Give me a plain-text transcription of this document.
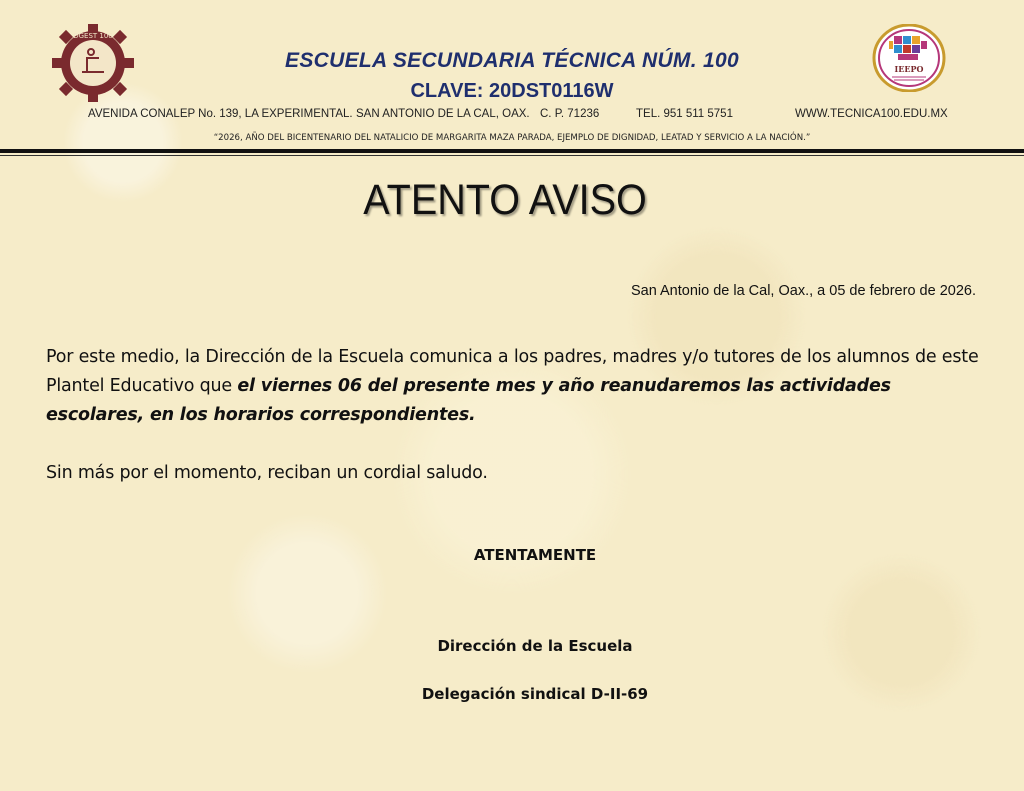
DGEST 100
IEEPO
ESCUELA SECUNDARIA TÉCNICA NÚM. 100
CLAVE: 20DST0116W
AVENIDA CONALEP No. 139, LA EXPERIMENTAL. SAN ANTONIO DE LA CAL, OAX. C. P. 71236	TEL. 951 511 5751	WWW.TECNICA100.EDU.MX
“2026, AÑO DEL BICENTENARIO DEL NATALICIO DE MARGARITA MAZA PARADA, EJEMPLO DE DIGNIDAD, LEATAD Y SERVICIO A LA NACIÓN.”
ATENTO AVISO
San Antonio de la Cal, Oax., a 05 de febrero de 2026.
Por este medio, la Dirección de la Escuela comunica a los padres, madres y/o tutores de los alumnos de este Plantel Educativo que el viernes 06 del presente mes y año reanudaremos las actividades escolares, en los horarios correspondientes.
Sin más por el momento, reciban un cordial saludo.
ATENTAMENTE
Dirección de la Escuela
Delegación sindical D-II-69
